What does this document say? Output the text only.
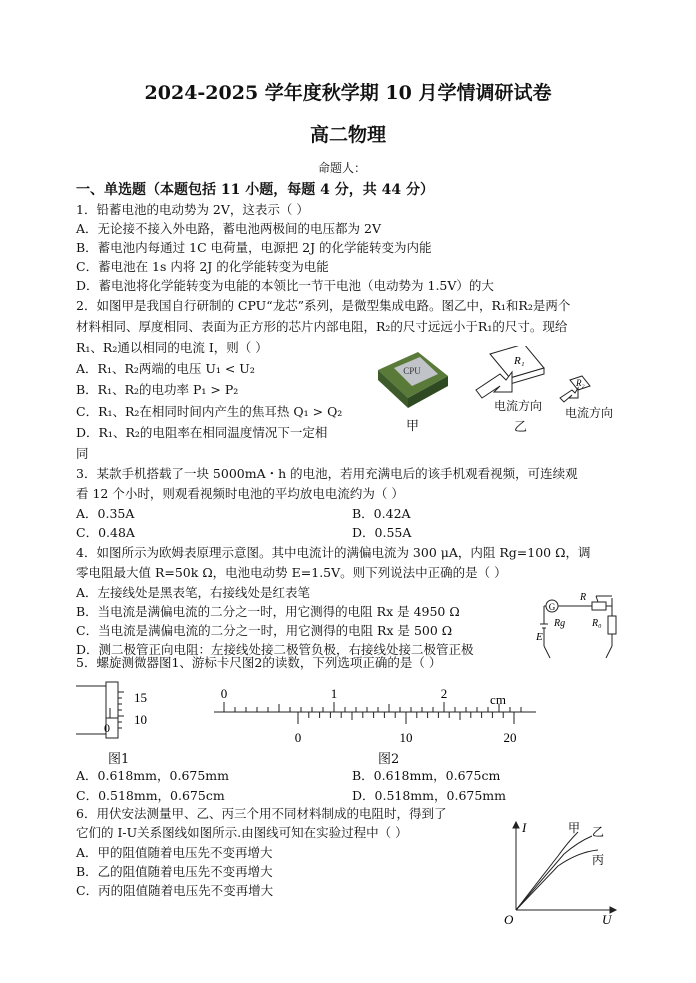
2024-2025 学年度秋学期 10 月学情调研试卷
高二物理
命题人：
一、单选题（本题包括 11 小题，每题 4 分，共 44 分）
1．铅蓄电池的电动势为 2V，这表示（ ）
A．无论接不接入外电路，蓄电池两极间的电压都为 2V
B．蓄电池内每通过 1C 电荷量，电源把 2J 的化学能转变为内能
C．蓄电池在 1s 内将 2J 的化学能转变为电能
D．蓄电池将化学能转变为电能的本领比一节干电池（电动势为 1.5V）的大
2．如图甲是我国自行研制的 CPU“龙芯”系列，是微型集成电路。图乙中，R₁和R₂是两个
材料相同、厚度相同、表面为正方形的芯片内部电阻，R₂的尺寸远远小于R₁的尺寸。现给
R₁、R₂通以相同的电流 I，则（ ）
A．R₁、R₂两端的电压 U₁ < U₂
B．R₁、R₂的电功率 P₁ > P₂
C．R₁、R₂在相同时间内产生的焦耳热 Q₁ > Q₂
D．R₁、R₂的电阻率在相同温度情况下一定相
同
CPU
R₁
R₂
甲
电流方向
乙
电流方向
3．某款手机搭载了一块 5000mA・h 的电池，若用充满电后的该手机观看视频，可连续观
看 12 个小时，则观看视频时电池的平均放电电流约为（ ）
A．0.35A	B．0.42A
C．0.48A	D．0.55A
4．如图所示为欧姆表原理示意图。其中电流计的满偏电流为 300 μA，内阻 Rg=100 Ω，调
零电阻最大值 R=50k Ω，电池电动势 E=1.5V。则下列说法中正确的是（ ）
A．左接线处是黑表笔，右接线处是红表笔
B．当电流是满偏电流的二分之一时，用它测得的电阻 Rx 是 4950 Ω
C．当电流是满偏电流的二分之一时，用它测得的电阻 Rx 是 500 Ω
D．测二极管正向电阻：左接线处接二极管负极，右接线处接二极管正极
G
Rg
R
R₀
E
5．螺旋测微器图1、游标卡尺图2的读数，下列选项正确的是（ ）
15
10
0
图1
0	1	2	cm
0	10	20
图2
A．0.618mm，0.675mm	B．0.618mm，0.675cm
C．0.518mm，0.675cm	D．0.518mm，0.675mm
6．用伏安法测量甲、乙、丙三个用不同材料制成的电阻时，得到了
它们的 I-U关系图线如图所示.由图线可知在实验过程中（ ）
A．甲的阻值随着电压先不变再增大
B．乙的阻值随着电压先不变再增大
C．丙的阻值随着电压先不变再增大
I
U
O
甲 乙
丙
